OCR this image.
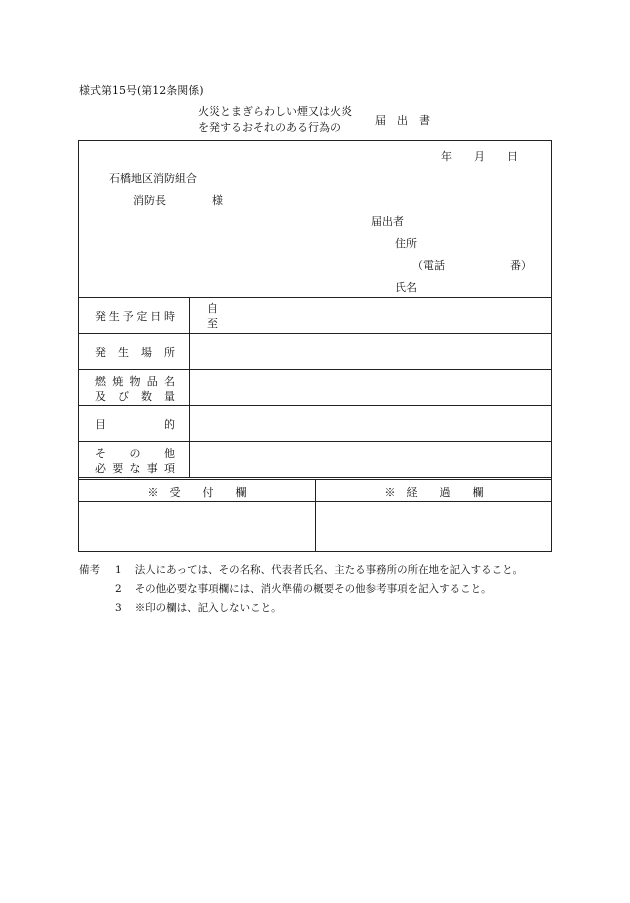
様式第15号(第12条関係)
火災とまぎらわしい煙又は火炎
を発するおそれのある行為の
届　出　書
年　　月　　日
石橋地区消防組合
消防長	様
届出者
住所
（電話	番）
氏名
発 生 予 定 日 時
自
至
発 生 場 所
燃 焼 物 品 名
及 び 数 量
目	的
そ の 他
必 要 な 事 項
※　受　　付　　欄	※　経　　過　　欄
備考 1 法人にあっては、その名称、代表者氏名、主たる事務所の所在地を記入すること。
2 その他必要な事項欄には、消火準備の概要その他参考事項を記入すること。
3 ※印の欄は、記入しないこと。
